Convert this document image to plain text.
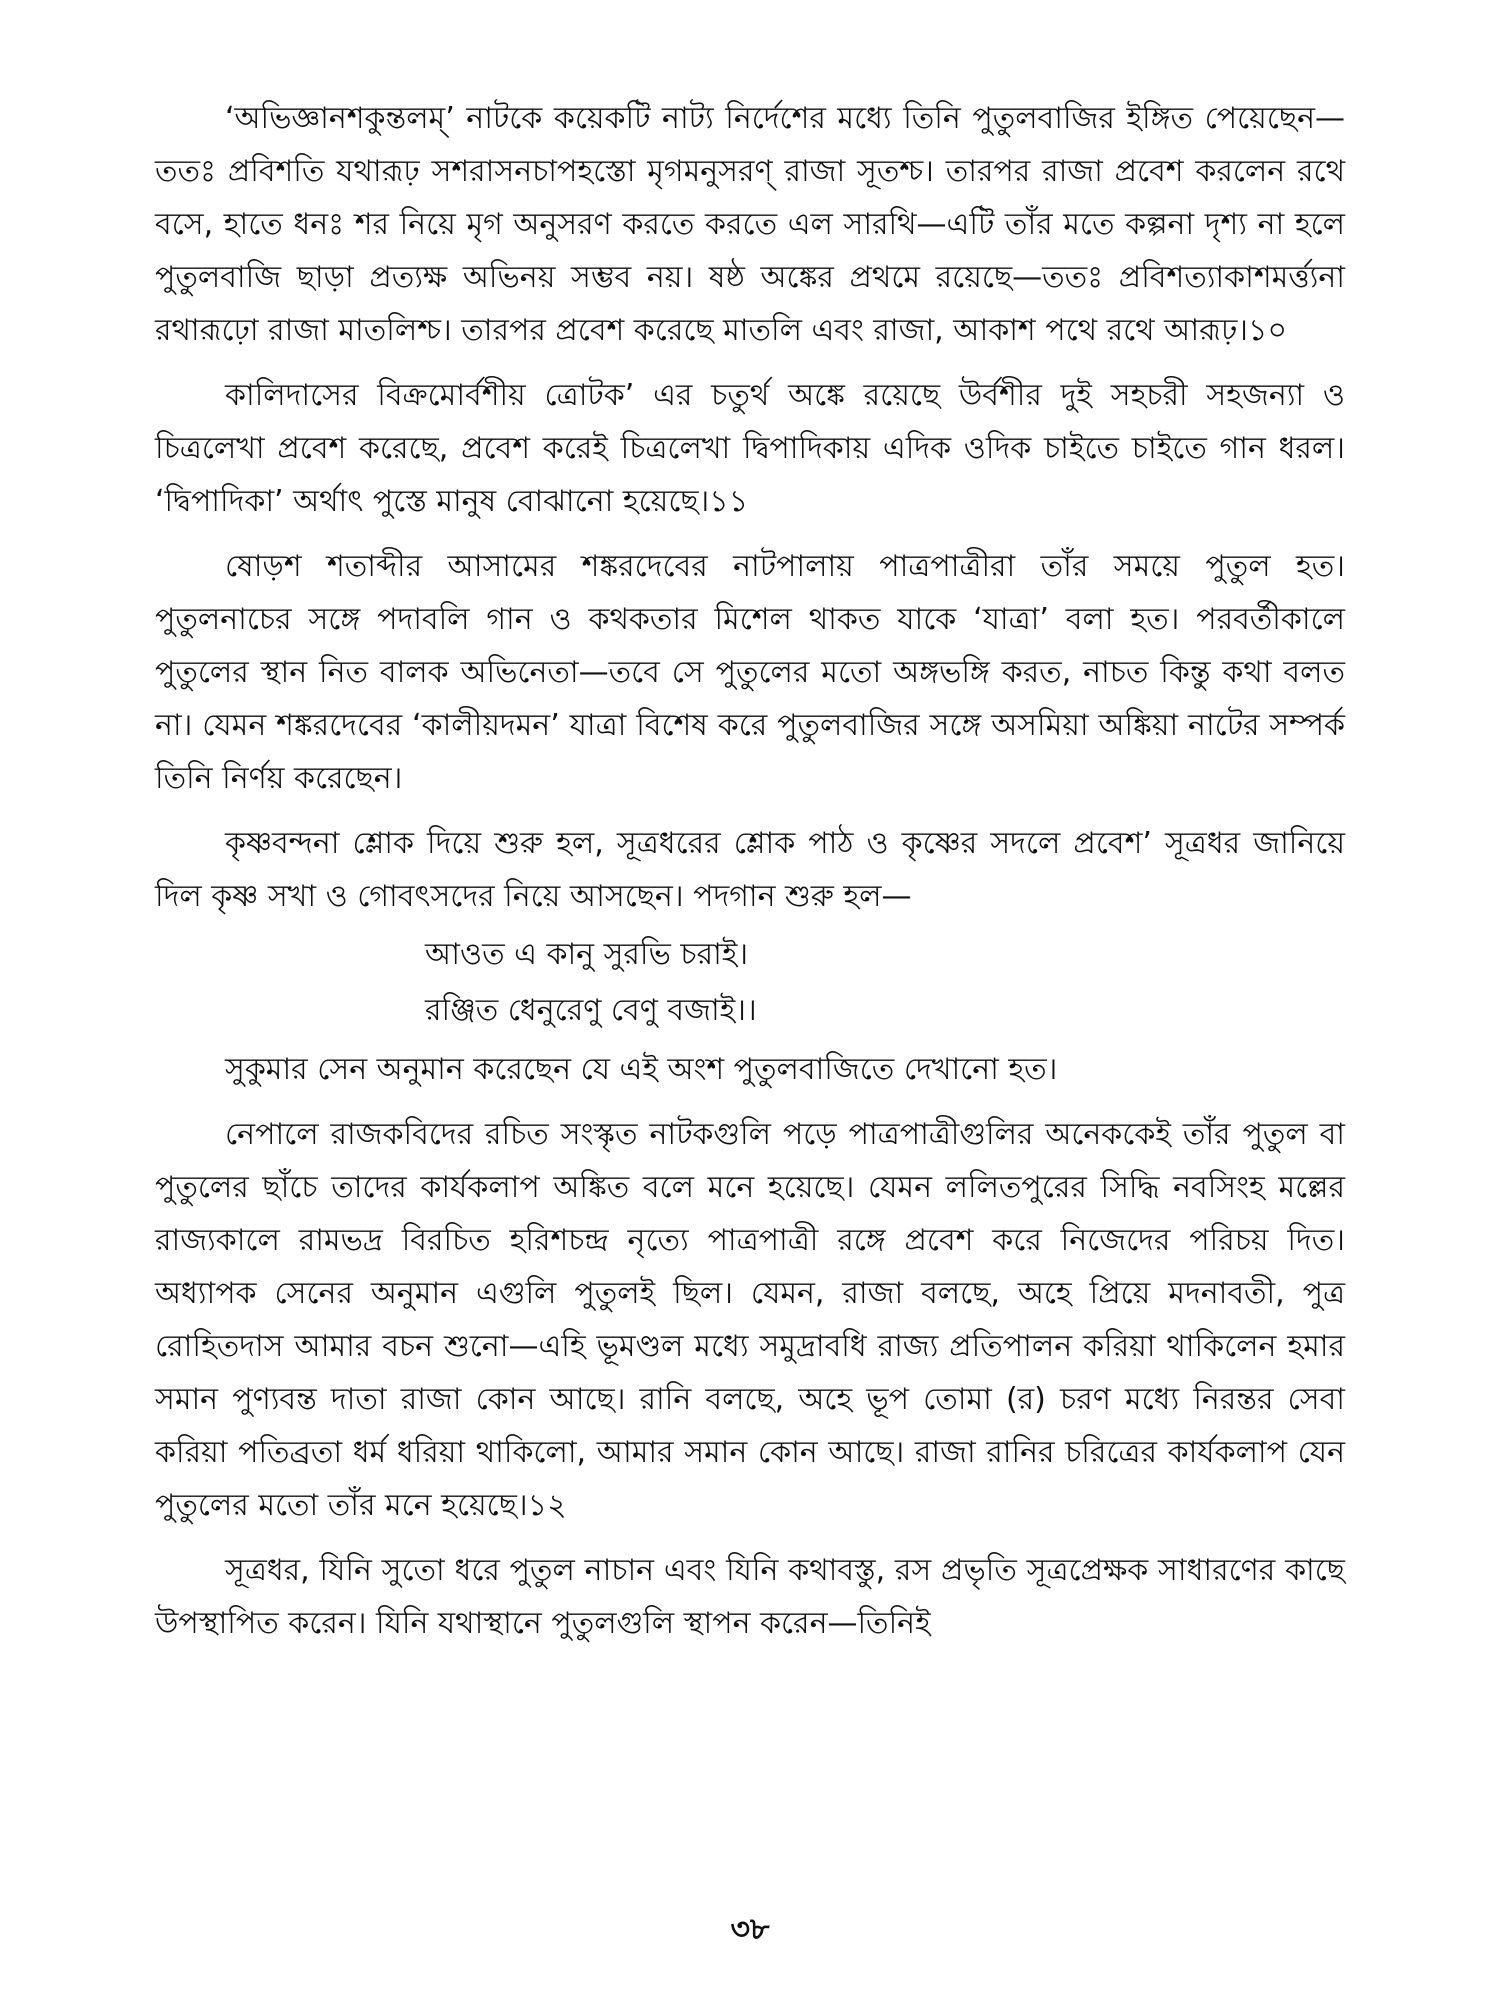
‘অভিজ্ঞানশকুন্তলম্’ নাটকে কয়েকটি নাট্য নির্দেশের মধ্যে তিনি পুতুলবাজির ইঙ্গিত পেয়েছেন—ততঃ প্রবিশতি যথারূঢ় সশরাসনচাপহস্তো মৃগমনুসরণ্‌ রাজা সূতশ্চ। তারপর রাজা প্রবেশ করলেন রথে বসে, হাতে ধনঃ শর নিয়ে মৃগ অনুসরণ করতে করতে এল সারথি—এটি তাঁর মতে কল্পনা দৃশ্য না হলে পুতুলবাজি ছাড়া প্রত্যক্ষ অভিনয় সম্ভব নয়। ষষ্ঠ অঙ্কের প্রথমে রয়েছে—ততঃ প্রবিশত্যাকাশমর্ত্ত্যনা রথারূঢ়ো রাজা মাতলিশ্চ। তারপর প্রবেশ করেছে মাতলি এবং রাজা, আকাশ পথে রথে আরূঢ়।১০

কালিদাসের বিক্রমোর্বশীয় ত্রোটক’ এর চতুর্থ অঙ্কে রয়েছে উর্বশীর দুই সহচরী সহজন্যা ও চিত্রলেখা প্রবেশ করেছে, প্রবেশ করেই চিত্রলেখা দ্বিপাদিকায় এদিক ওদিক চাইতে চাইতে গান ধরল। ‘দ্বিপাদিকা’ অর্থাৎ পুস্তে মানুষ বোঝানো হয়েছে।১১

ষোড়শ শতাব্দীর আসামের শঙ্করদেবের নাটপালায় পাত্রপাত্রীরা তাঁর সময়ে পুতুল হত। পুতুলনাচের সঙ্গে পদাবলি গান ও কথকতার মিশেল থাকত যাকে ‘যাত্রা’ বলা হত। পরবর্তীকালে পুতুলের স্থান নিত বালক অভিনেতা—তবে সে পুতুলের মতো অঙ্গভঙ্গি করত, নাচত কিন্তু কথা বলত না। যেমন শঙ্করদেবের ‘কালীয়দমন’ যাত্রা বিশেষ করে পুতুলবাজির সঙ্গে অসমিয়া অঙ্কিয়া নাটের সম্পর্ক তিনি নির্ণয় করেছেন।

কৃষ্ণবন্দনা শ্লোক দিয়ে শুরু হল, সূত্রধরের শ্লোক পাঠ ও কৃষ্ণের সদলে প্রবেশ’ সূত্রধর জানিয়ে দিল কৃষ্ণ সখা ও গোবৎসদের নিয়ে আসছেন। পদগান শুরু হল—

আওত এ কানু সুরভি চরাই।
রঞ্জিত ধেনুরেণু বেণু বজাই।।

সুকুমার সেন অনুমান করেছেন যে এই অংশ পুতুলবাজিতে দেখানো হত।

নেপালে রাজকবিদের রচিত সংস্কৃত নাটকগুলি পড়ে পাত্রপাত্রীগুলির অনেককেই তাঁর পুতুল বা পুতুলের ছাঁচে তাদের কার্যকলাপ অঙ্কিত বলে মনে হয়েছে। যেমন ললিতপুরের সিদ্ধি নবসিংহ মল্লের রাজ্যকালে রামভদ্র বিরচিত হরিশচন্দ্র নৃত্যে পাত্রপাত্রী রঙ্গে প্রবেশ করে নিজেদের পরিচয় দিত। অধ্যাপক সেনের অনুমান এগুলি পুতুলই ছিল। যেমন, রাজা বলছে, অহে প্রিয়ে মদনাবতী, পুত্র রোহিতদাস আমার বচন শুনো—এহি ভূমণ্ডল মধ্যে সমুদ্রাবধি রাজ্য প্রতিপালন করিয়া থাকিলেন হমার সমান পুণ্যবন্ত দাতা রাজা কোন আছে। রানি বলছে, অহে ভূপ তোমা (র) চরণ মধ্যে নিরন্তর সেবা করিয়া পতিব্রতা ধর্ম ধরিয়া থাকিলো, আমার সমান কোন আছে। রাজা রানির চরিত্রের কার্যকলাপ যেন পুতুলের মতো তাঁর মনে হয়েছে।১২

সূত্রধর, যিনি সুতো ধরে পুতুল নাচান এবং যিনি কথাবস্তু, রস প্রভৃতি সূত্রপ্রেক্ষক সাধারণের কাছে উপস্থাপিত করেন। যিনি যথাস্থানে পুতুলগুলি স্থাপন করেন—তিনিই

৩৮
